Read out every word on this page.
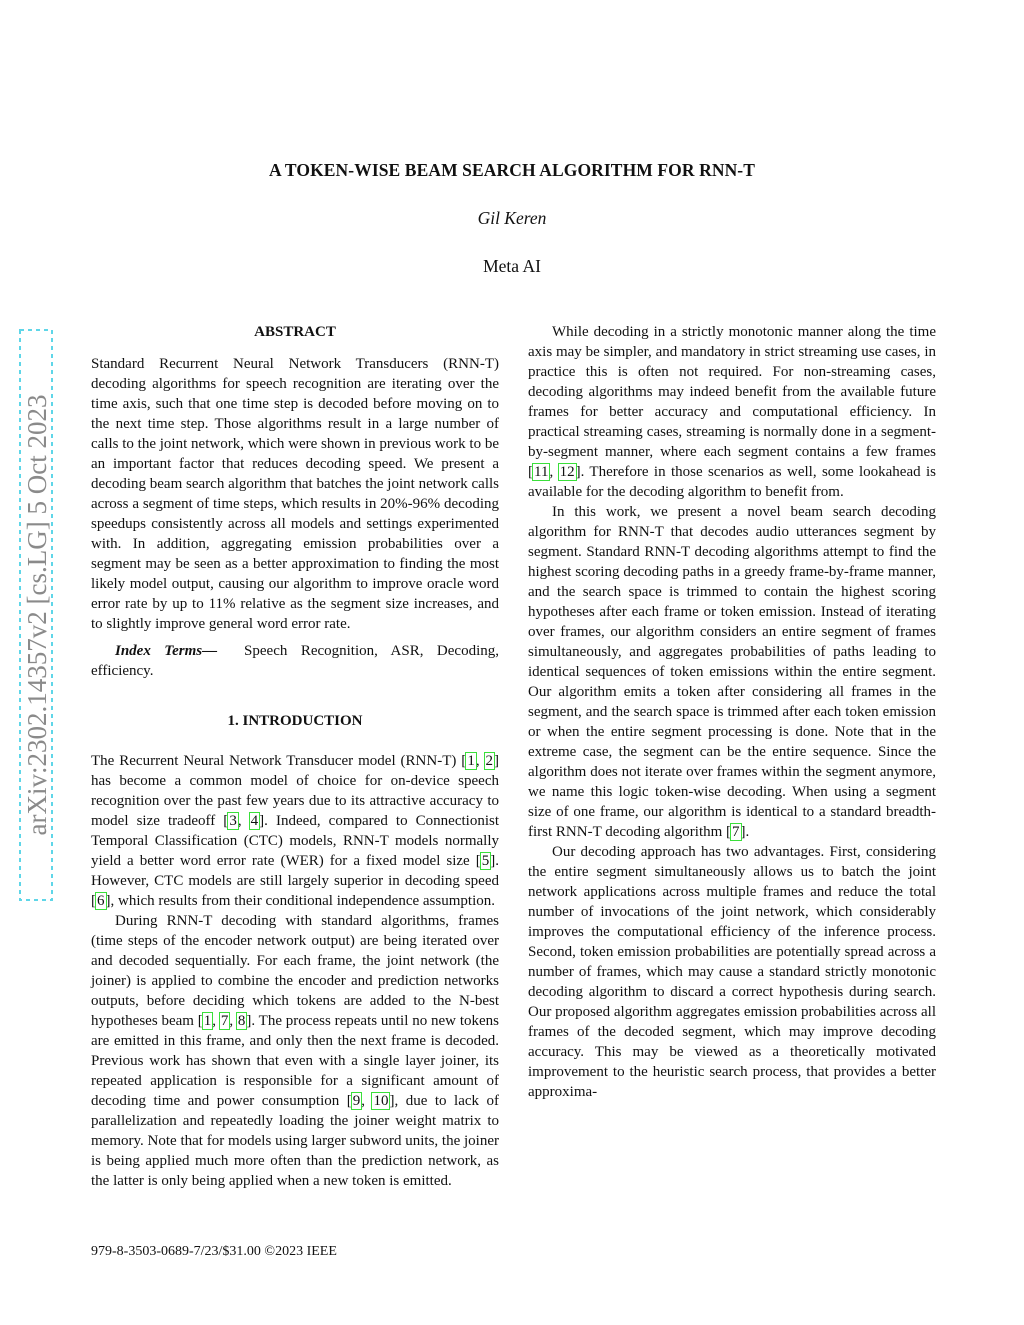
arXiv:2302.14357v2 [cs.LG] 5 Oct 2023
A TOKEN-WISE BEAM SEARCH ALGORITHM FOR RNN-T
Gil Keren
Meta AI
ABSTRACT

Standard Recurrent Neural Network Transducers (RNN-T) decoding algorithms for speech recognition are iterating over the time axis, such that one time step is decoded before moving on to the next time step. Those algorithms result in a large number of calls to the joint network, which were shown in previous work to be an important factor that reduces decoding speed. We present a decoding beam search algorithm that batches the joint network calls across a segment of time steps, which results in 20%-96% decoding speedups consistently across all models and settings experimented with. In addition, aggregating emission probabilities over a segment may be seen as a better approximation to finding the most likely model output, causing our algorithm to improve oracle word error rate by up to 11% relative as the segment size increases, and to slightly improve general word error rate.

Index Terms— Speech Recognition, ASR, Decoding, efficiency.

1. INTRODUCTION

The Recurrent Neural Network Transducer model (RNN-T) [1, 2] has become a common model of choice for on-device speech recognition over the past few years due to its attractive accuracy to model size tradeoff [3, 4]. Indeed, compared to Connectionist Temporal Classification (CTC) models, RNN-T models normally yield a better word error rate (WER) for a fixed model size [5]. However, CTC models are still largely superior in decoding speed [6], which results from their conditional independence assumption.

During RNN-T decoding with standard algorithms, frames (time steps of the encoder network output) are being iterated over and decoded sequentially. For each frame, the joint network (the joiner) is applied to combine the encoder and prediction networks outputs, before deciding which tokens are added to the N-best hypotheses beam [1, 7, 8]. The process repeats until no new tokens are emitted in this frame, and only then the next frame is decoded. Previous work has shown that even with a single layer joiner, its repeated application is responsible for a significant amount of decoding time and power consumption [9, 10], due to lack of parallelization and repeatedly loading the joiner weight matrix to memory. Note that for models using larger subword units, the joiner is being applied much more often than the prediction network, as the latter is only being applied when a new token is emitted.

While decoding in a strictly monotonic manner along the time axis may be simpler, and mandatory in strict streaming use cases, in practice this is often not required. For non-streaming cases, decoding algorithms may indeed benefit from the available future frames for better accuracy and computational efficiency. In practical streaming cases, streaming is normally done in a segment-by-segment manner, where each segment contains a few frames [11, 12]. Therefore in those scenarios as well, some lookahead is available for the decoding algorithm to benefit from.

In this work, we present a novel beam search decoding algorithm for RNN-T that decodes audio utterances segment by segment. Standard RNN-T decoding algorithms attempt to find the highest scoring decoding paths in a greedy frame-by-frame manner, and the search space is trimmed to contain the highest scoring hypotheses after each frame or token emission. Instead of iterating over frames, our algorithm considers an entire segment of frames simultaneously, and aggregates probabilities of paths leading to identical sequences of token emissions within the entire segment. Our algorithm emits a token after considering all frames in the segment, and the search space is trimmed after each token emission or when the entire segment processing is done. Note that in the extreme case, the segment can be the entire sequence. Since the algorithm does not iterate over frames within the segment anymore, we name this logic token-wise decoding. When using a segment size of one frame, our algorithm is identical to a standard breadth-first RNN-T decoding algorithm [7].

Our decoding approach has two advantages. First, considering the entire segment simultaneously allows us to batch the joint network applications across multiple frames and reduce the total number of invocations of the joint network, which considerably improves the computational efficiency of the inference process. Second, token emission probabilities are potentially spread across a number of frames, which may cause a standard strictly monotonic decoding algorithm to discard a correct hypothesis during search. Our proposed algorithm aggregates emission probabilities across all frames of the decoded segment, which may improve decoding accuracy. This may be viewed as a theoretically motivated improvement to the heuristic search process, that provides a better approxima-

979-8-3503-0689-7/23/$31.00 ©2023 IEEE
